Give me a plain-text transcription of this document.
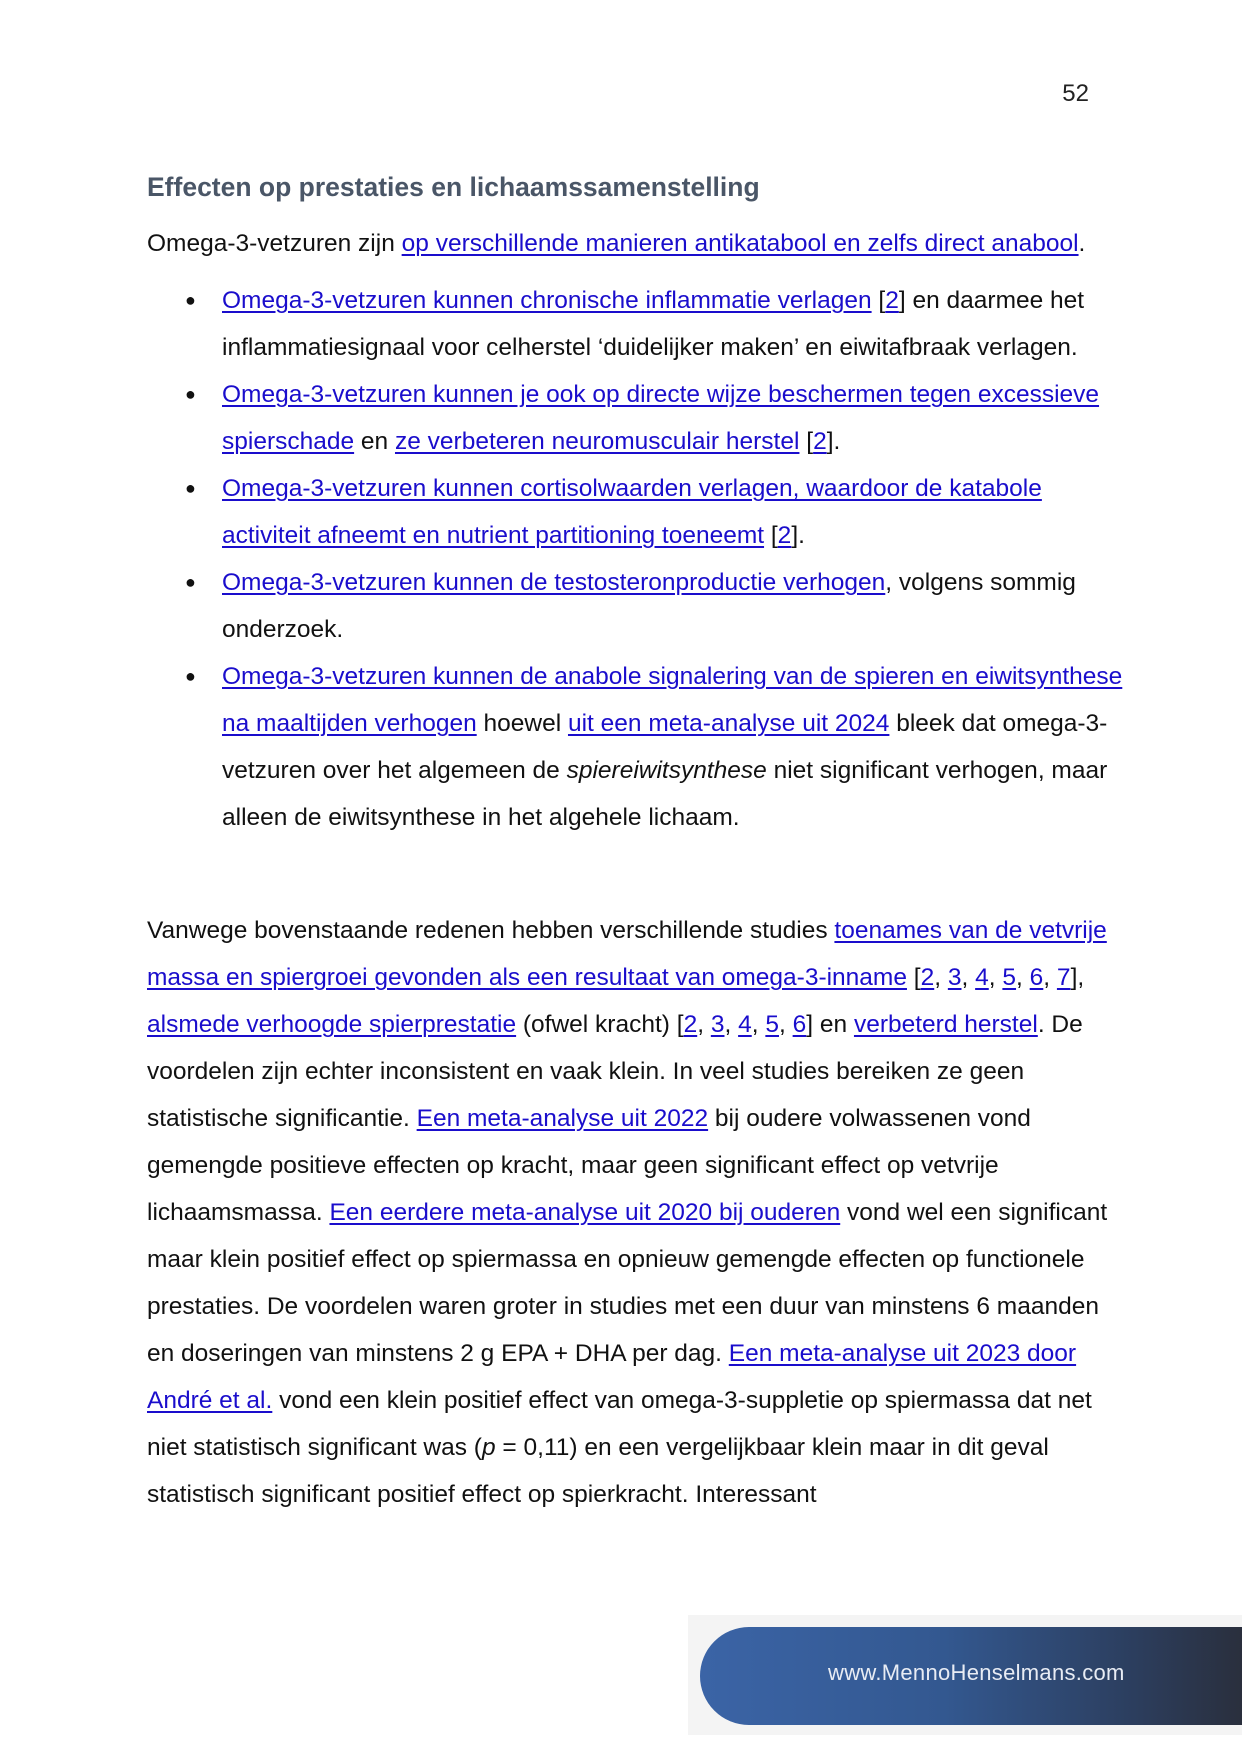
52
Effecten op prestaties en lichaamssamenstelling

Omega-3-vetzuren zijn op verschillende manieren antikatabool en zelfs direct anabool.

● Omega-3-vetzuren kunnen chronische inflammatie verlagen [2] en daarmee het inflammatiesignaal voor celherstel ‘duidelijker maken’ en eiwitafbraak verlagen.
● Omega-3-vetzuren kunnen je ook op directe wijze beschermen tegen excessieve spierschade en ze verbeteren neuromusculair herstel [2].
● Omega-3-vetzuren kunnen cortisolwaarden verlagen, waardoor de katabole activiteit afneemt en nutrient partitioning toeneemt [2].
● Omega-3-vetzuren kunnen de testosteronproductie verhogen, volgens sommig onderzoek.
● Omega-3-vetzuren kunnen de anabole signalering van de spieren en eiwitsynthese na maaltijden verhogen hoewel uit een meta-analyse uit 2024 bleek dat omega-3-vetzuren over het algemeen de spiereiwitsynthese niet significant verhogen, maar alleen de eiwitsynthese in het algehele lichaam.

Vanwege bovenstaande redenen hebben verschillende studies toenames van de vetvrije massa en spiergroei gevonden als een resultaat van omega-3-inname [2, 3, 4, 5, 6, 7], alsmede verhoogde spierprestatie (ofwel kracht) [2, 3, 4, 5, 6] en verbeterd herstel. De voordelen zijn echter inconsistent en vaak klein. In veel studies bereiken ze geen statistische significantie. Een meta-analyse uit 2022 bij oudere volwassenen vond gemengde positieve effecten op kracht, maar geen significant effect op vetvrije lichaamsmassa. Een eerdere meta-analyse uit 2020 bij ouderen vond wel een significant maar klein positief effect op spiermassa en opnieuw gemengde effecten op functionele prestaties. De voordelen waren groter in studies met een duur van minstens 6 maanden en doseringen van minstens 2 g EPA + DHA per dag. Een meta-analyse uit 2023 door André et al. vond een klein positief effect van omega-3-suppletie op spiermassa dat net niet statistisch significant was (p = 0,11) en een vergelijkbaar klein maar in dit geval statistisch significant positief effect op spierkracht. Interessant

www.MennoHenselmans.com
